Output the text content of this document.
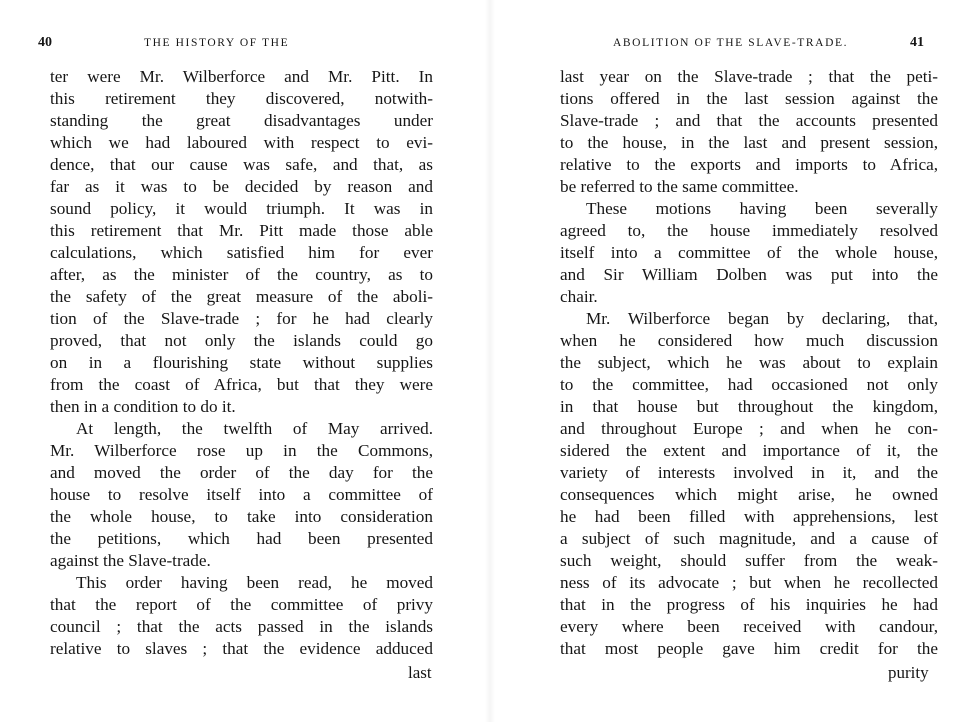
40	THE HISTORY OF THE
ter were Mr. Wilberforce and Mr. Pitt. In
this retirement they discovered, notwith-
standing the great disadvantages under
which we had laboured with respect to evi-
dence, that our cause was safe, and that, as
far as it was to be decided by reason and
sound policy, it would triumph. It was in
this retirement that Mr. Pitt made those able
calculations, which satisfied him for ever
after, as the minister of the country, as to
the safety of the great measure of the aboli-
tion of the Slave-trade ; for he had clearly
proved, that not only the islands could go
on in a flourishing state without supplies
from the coast of Africa, but that they were
then in a condition to do it.
At length, the twelfth of May arrived.
Mr. Wilberforce rose up in the Commons,
and moved the order of the day for the
house to resolve itself into a committee of
the whole house, to take into consideration
the petitions, which had been presented
against the Slave-trade.
This order having been read, he moved
that the report of the committee of privy
council ; that the acts passed in the islands
relative to slaves ; that the evidence adduced
last
ABOLITION OF THE SLAVE-TRADE.	41
last year on the Slave-trade ; that the peti-
tions offered in the last session against the
Slave-trade ; and that the accounts presented
to the house, in the last and present session,
relative to the exports and imports to Africa,
be referred to the same committee.
These motions having been severally
agreed to, the house immediately resolved
itself into a committee of the whole house,
and Sir William Dolben was put into the
chair.
Mr. Wilberforce began by declaring, that,
when he considered how much discussion
the subject, which he was about to explain
to the committee, had occasioned not only
in that house but throughout the kingdom,
and throughout Europe ; and when he con-
sidered the extent and importance of it, the
variety of interests involved in it, and the
consequences which might arise, he owned
he had been filled with apprehensions, lest
a subject of such magnitude, and a cause of
such weight, should suffer from the weak-
ness of its advocate ; but when he recollected
that in the progress of his inquiries he had
every where been received with candour,
that most people gave him credit for the
purity
